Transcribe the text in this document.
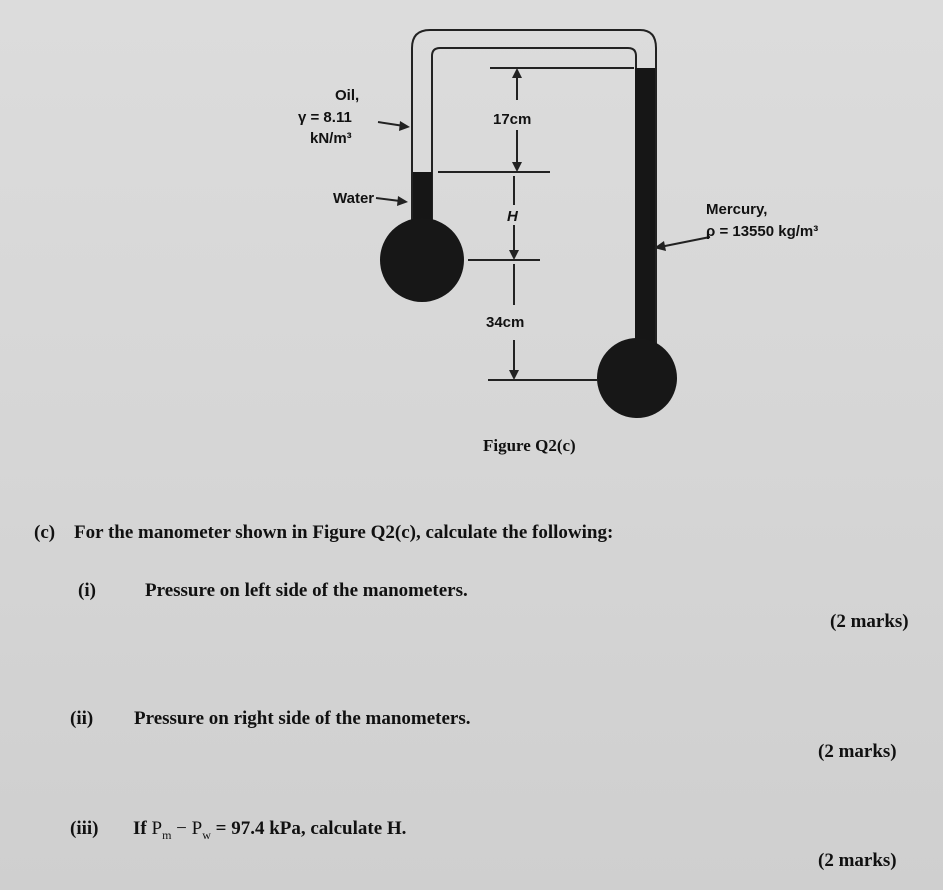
Oil,
γ = 8.11
kN/m³
Water
Mercury,
ρ = 13550 kg/m³
17cm
H
34cm
Figure Q2(c)
(c) For the manometer shown in Figure Q2(c), calculate the following:
(i)	Pressure on left side of the manometers.
(2 marks)
(ii) Pressure on right side of the manometers.
(2 marks)
(iii) If $P_m - P_w = 97.4$ kPa, calculate H.
(2 marks)
